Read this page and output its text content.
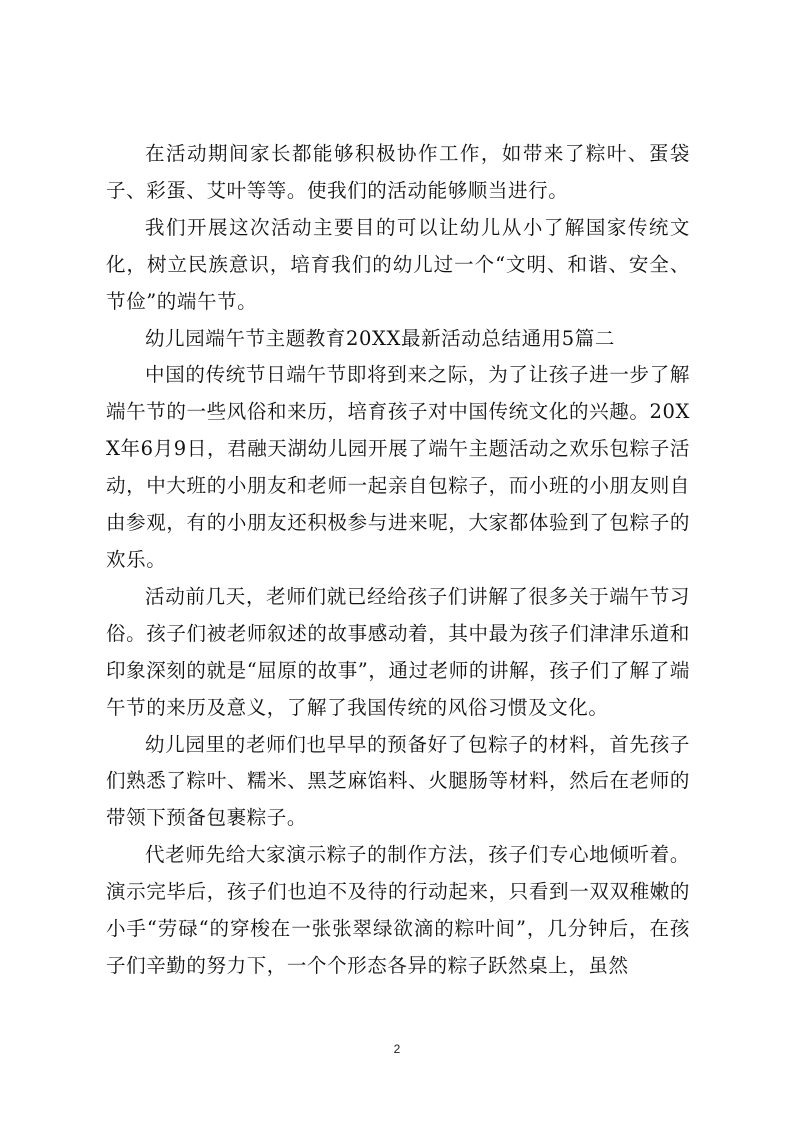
在活动期间家长都能够积极协作工作，如带来了粽叶、蛋袋子、彩蛋、艾叶等等。使我们的活动能够顺当进行。

我们开展这次活动主要目的可以让幼儿从小了解国家传统文化，树立民族意识，培育我们的幼儿过一个“文明、和谐、安全、节俭”的端午节。

幼儿园端午节主题教育20XX最新活动总结通用5篇二

中国的传统节日端午节即将到来之际，为了让孩子进一步了解端午节的一些风俗和来历，培育孩子对中国传统文化的兴趣。20XX年6月9日，君融天湖幼儿园开展了端午主题活动之欢乐包粽子活动，中大班的小朋友和老师一起亲自包粽子，而小班的小朋友则自由参观，有的小朋友还积极参与进来呢，大家都体验到了包粽子的欢乐。

活动前几天，老师们就已经给孩子们讲解了很多关于端午节习俗。孩子们被老师叙述的故事感动着，其中最为孩子们津津乐道和印象深刻的就是“屈原的故事”，通过老师的讲解，孩子们了解了端午节的来历及意义，了解了我国传统的风俗习惯及文化。

幼儿园里的老师们也早早的预备好了包粽子的材料，首先孩子们熟悉了粽叶、糯米、黑芝麻馅料、火腿肠等材料，然后在老师的带领下预备包裹粽子。

代老师先给大家演示粽子的制作方法，孩子们专心地倾听着。演示完毕后，孩子们也迫不及待的行动起来，只看到一双双稚嫩的小手“劳碌“的穿梭在一张张翠绿欲滴的粽叶间”，几分钟后，在孩子们辛勤的努力下，一个个形态各异的粽子跃然桌上，虽然

2
